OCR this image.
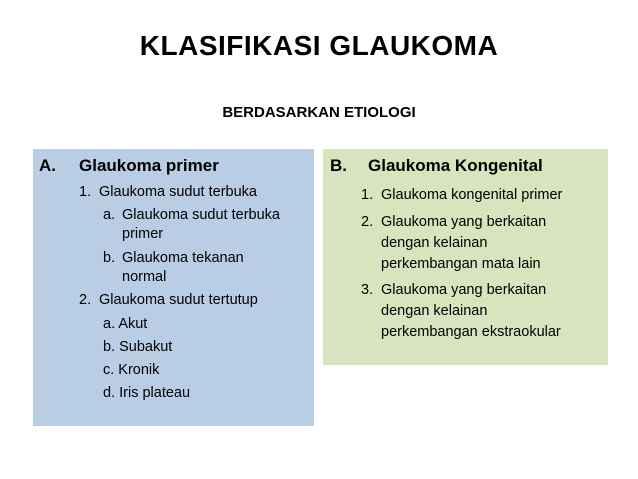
KLASIFIKASI GLAUKOMA
BERDASARKAN ETIOLOGI
A. Glaukoma primer
1. Glaukoma sudut terbuka
a. Glaukoma sudut terbuka
primer
b. Glaukoma tekanan
normal
2. Glaukoma sudut tertutup
a. Akut
b. Subakut
c. Kronik
d. Iris plateau
B. Glaukoma Kongenital
1. Glaukoma kongenital primer
2. Glaukoma yang berkaitan
dengan kelainan
perkembangan mata lain
3. Glaukoma yang berkaitan
dengan kelainan
perkembangan ekstraokular
